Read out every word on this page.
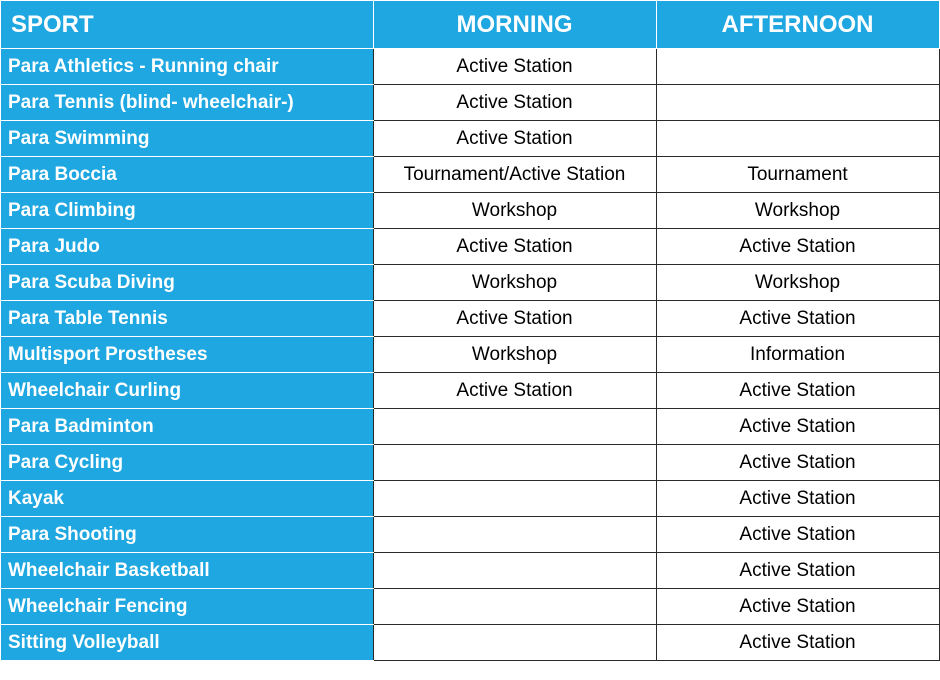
SPORT	MORNING	AFTERNOON
Para Athletics - Running chair	Active Station	
Para Tennis (blind- wheelchair-)	Active Station	
Para Swimming	Active Station	
Para Boccia	Tournament/Active Station	Tournament
Para Climbing	Workshop	Workshop
Para Judo	Active Station	Active Station
Para Scuba Diving	Workshop	Workshop
Para Table Tennis	Active Station	Active Station
Multisport Prostheses	Workshop	Information
Wheelchair Curling	Active Station	Active Station
Para Badminton		Active Station
Para Cycling		Active Station
Kayak		Active Station
Para Shooting		Active Station
Wheelchair Basketball		Active Station
Wheelchair Fencing		Active Station
Sitting Volleyball		Active Station
